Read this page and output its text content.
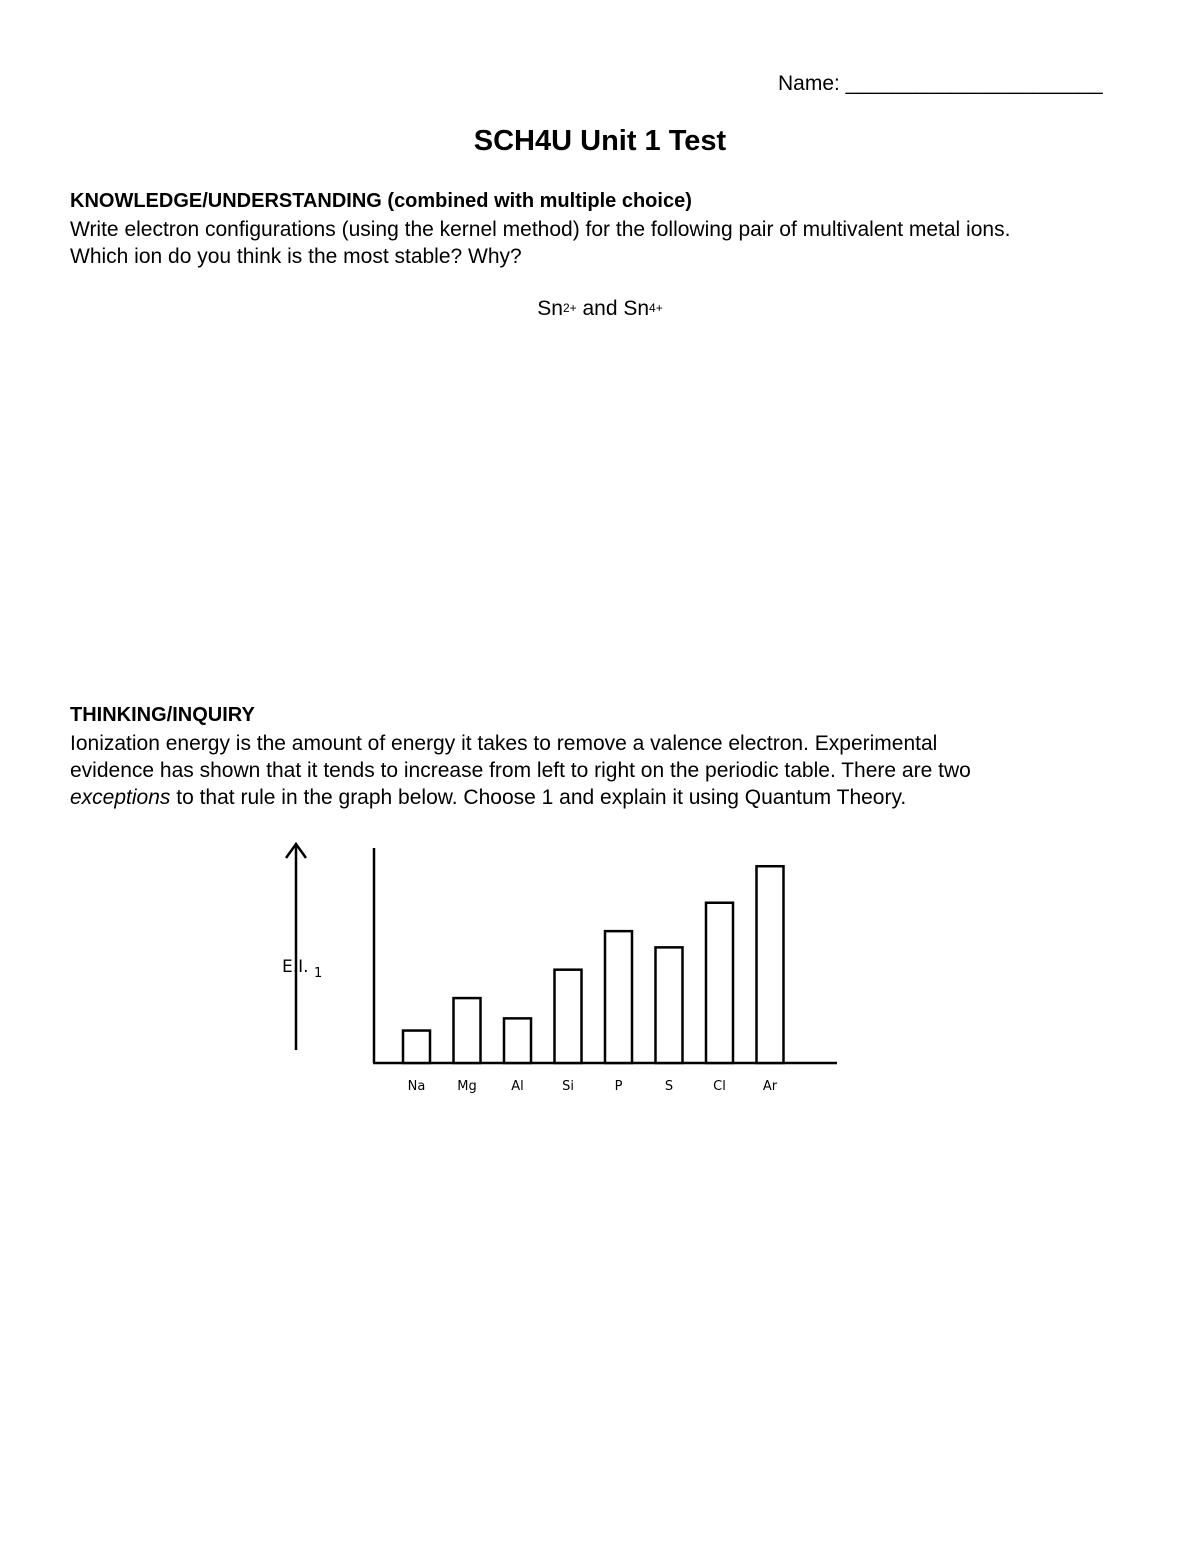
Name: ______________________
SCH4U Unit 1 Test
KNOWLEDGE/UNDERSTANDING (combined with multiple choice)
Write electron configurations (using the kernel method) for the following pair of multivalent metal ions.
Which ion do you think is the most stable? Why?
$Sn^{2+}$ and $Sn^{4+}$
THINKING/INQUIRY
Ionization energy is the amount of energy it takes to remove a valence electron. Experimental
evidence has shown that it tends to increase from left to right on the periodic table. There are two
exceptions to that rule in the graph below. Choose 1 and explain it using Quantum Theory.
E.I. 1
Na Mg	Al	Si	P	S	Cl	Ar
